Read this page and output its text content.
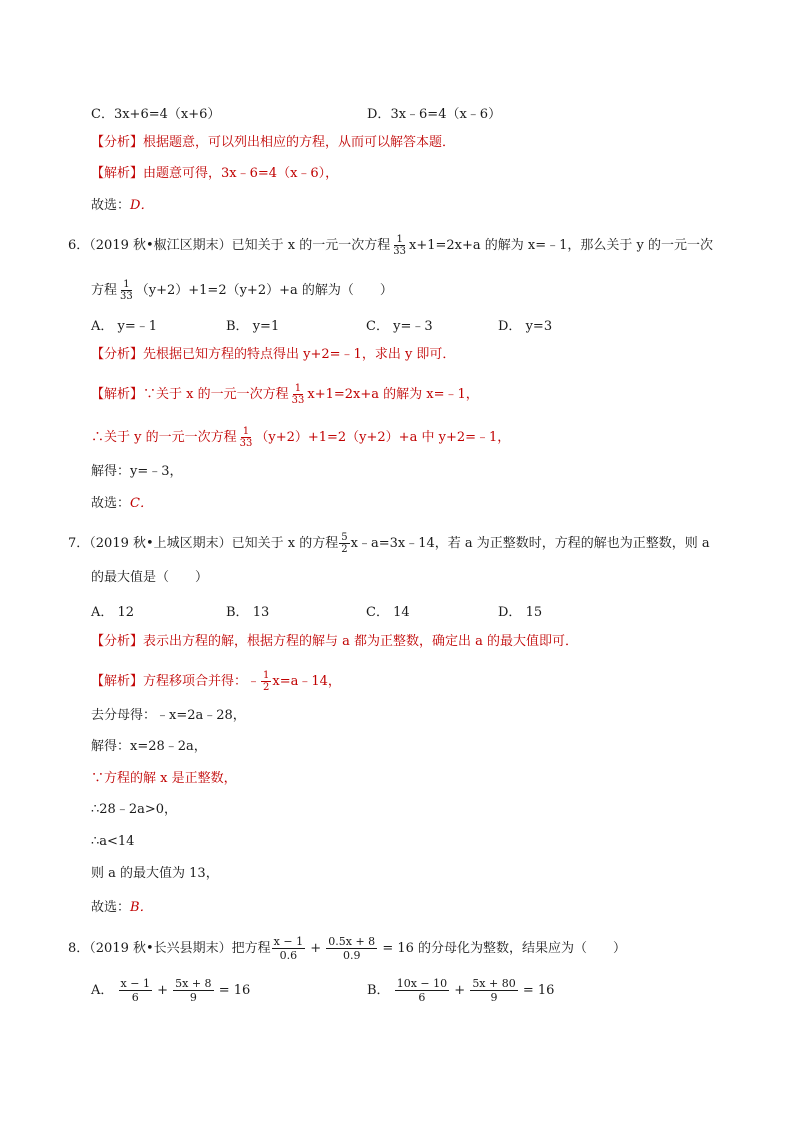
C．3x+6=4（x+6）	D．3x﹣6=4（x﹣6）
【分析】根据题意，可以列出相应的方程，从而可以解答本题．
【解析】由题意可得，3x﹣6=4（x﹣6），
故选：D．
6．（2019 秋•椒江区期末）已知关于 x 的一元一次方程 $\frac{1}{33} x+1=2x+a$ 的解为 x=﹣1，那么关于 y 的一元一次
方程 $\frac{1}{33} (y+2)+1=2(y+2)+a$ 的解为（　　）
A． y=﹣1	B． y=1	C． y=﹣3	D． y=3
【分析】先根据已知方程的特点得出 y+2=﹣1，求出 y 即可．
【解析】∵关于 x 的一元一次方程 $\frac{1}{33} x+1=2x+a$ 的解为 x=﹣1，
∴关于 y 的一元一次方程 $\frac{1}{33} (y+2)+1=2(y+2)+a$ 中 y+2=﹣1，
解得：y=﹣3，
故选：C．
7．（2019 秋•上城区期末）已知关于 x 的方程 $\frac{5}{2}$ x﹣a=3x﹣14，若 a 为正整数时，方程的解也为正整数，则 a
的最大值是（　　）
A． 12	B． 13	C． 14	D． 15
【分析】表示出方程的解，根据方程的解与 a 都为正整数，确定出 a 的最大值即可．
【解析】方程移项合并得：﹣ $\frac{1}{2}$ x=a﹣14，
去分母得：﹣x=2a﹣28，
解得：x=28﹣2a，
∵方程的解 x 是正整数，
∴28﹣2a>0，
∴a<14
则 a 的最大值为 13，
故选：B．
8．（2019 秋•长兴县期末）把方程 $\frac{x - 1}{0.6} + \frac{0.5x + 8}{0.9} = 16$ 的分母化为整数，结果应为（　　）
A． $\frac{x - 1}{6} + \frac{5x + 8}{9} = 16$	B． $\frac{10x - 10}{6} + \frac{5x + 80}{9} = 16$
